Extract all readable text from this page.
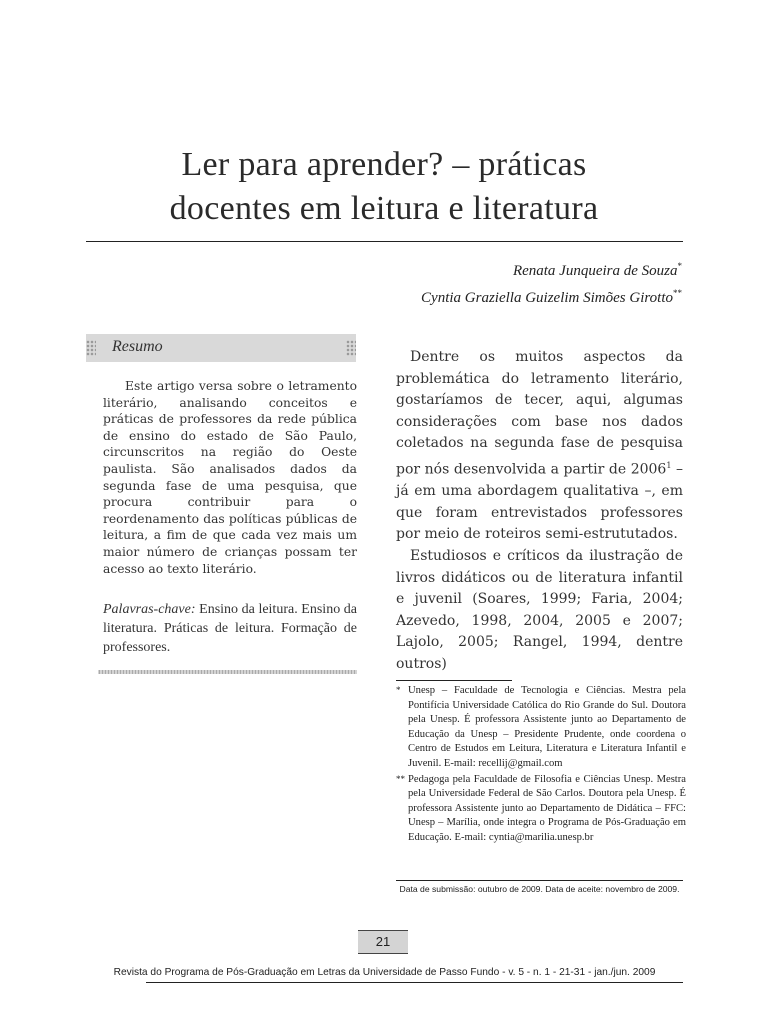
Ler para aprender? – práticas
docentes em leitura e literatura
Renata Junqueira de Souza*
Cyntia Graziella Guizelim Simões Girotto**
Resumo
Este artigo versa sobre o letramento literário, analisando conceitos e práticas de professores da rede pública de ensino do estado de São Paulo, circunscritos na região do Oeste paulista. São analisados dados da segunda fase de uma pesquisa, que procura contribuir para o reordenamento das políticas públicas de leitura, a fim de que cada vez mais um maior número de crianças possam ter acesso ao texto literário.
Palavras-chave: Ensino da leitura. Ensino da literatura. Práticas de leitura. Formação de professores.

Dentre os muitos aspectos da problemática do letramento literário, gostaríamos de tecer, aqui, algumas considerações com base nos dados coletados na segunda fase de pesquisa por nós desenvolvida a partir de 2006$^1$ – já em uma abordagem qualitativa –, em que foram entrevistados professores por meio de roteiros semi-estrututados.

Estudiosos e críticos da ilustração de livros didáticos ou de literatura infantil e juvenil (Soares, 1999; Faria, 2004; Azevedo, 1998, 2004, 2005 e 2007; Lajolo, 2005; Rangel, 1994, dentre outros)

* Unesp – Faculdade de Tecnologia e Ciências. Mestra pela Pontifícia Universidade Católica do Rio Grande do Sul. Doutora pela Unesp. É professora Assistente junto ao Departamento de Educação da Unesp – Presidente Prudente, onde coordena o Centro de Estudos em Leitura, Literatura e Literatura Infantil e Juvenil. E-mail: recellij@gmail.com
** Pedagoga pela Faculdade de Filosofia e Ciências Unesp. Mestra pela Universidade Federal de São Carlos. Doutora pela Unesp. É professora Assistente junto ao Departamento de Didática – FFC: Unesp – Marília, onde integra o Programa de Pós-Graduação em Educação. E-mail: cyntia@marilia.unesp.br
Data de submissão: outubro de 2009. Data de aceite: novembro de 2009.
21
Revista do Programa de Pós-Graduação em Letras da Universidade de Passo Fundo - v. 5 - n. 1 - 21-31 - jan./jun. 2009
